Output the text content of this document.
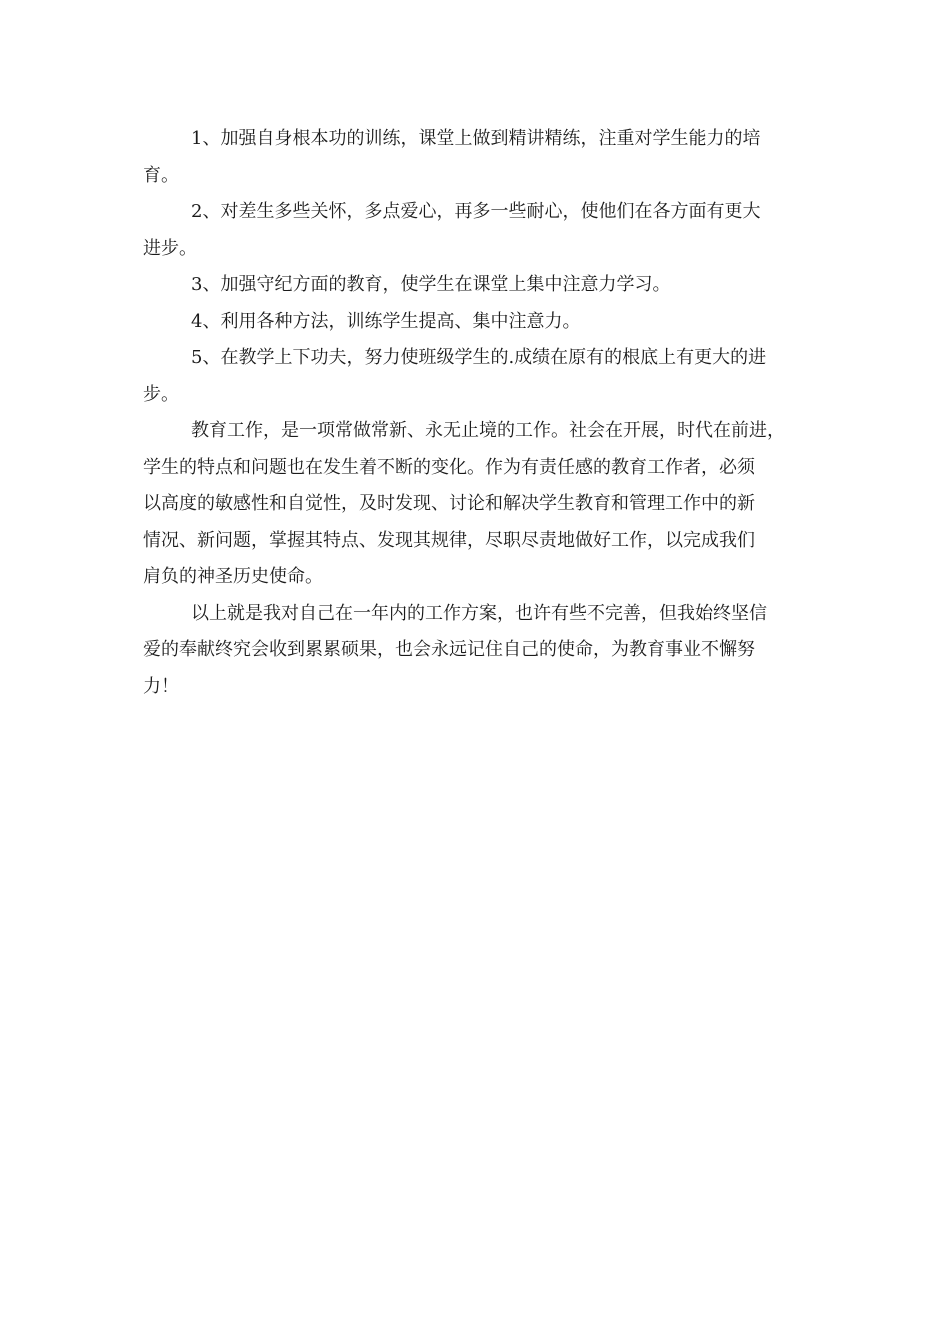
1、加强自身根本功的训练，课堂上做到精讲精练，注重对学生能力的培
育。

2、对差生多些关怀，多点爱心，再多一些耐心，使他们在各方面有更大
进步。

3、加强守纪方面的教育，使学生在课堂上集中注意力学习。

4、利用各种方法，训练学生提高、集中注意力。

5、在教学上下功夫，努力使班级学生的.成绩在原有的根底上有更大的进
步。

教育工作，是一项常做常新、永无止境的工作。社会在开展，时代在前进，
学生的特点和问题也在发生着不断的变化。作为有责任感的教育工作者，必须
以高度的敏感性和自觉性，及时发现、讨论和解决学生教育和管理工作中的新
情况、新问题，掌握其特点、发现其规律，尽职尽责地做好工作，以完成我们
肩负的神圣历史使命。

以上就是我对自己在一年内的工作方案，也许有些不完善，但我始终坚信
爱的奉献终究会收到累累硕果，也会永远记住自己的使命，为教育事业不懈努
力！
